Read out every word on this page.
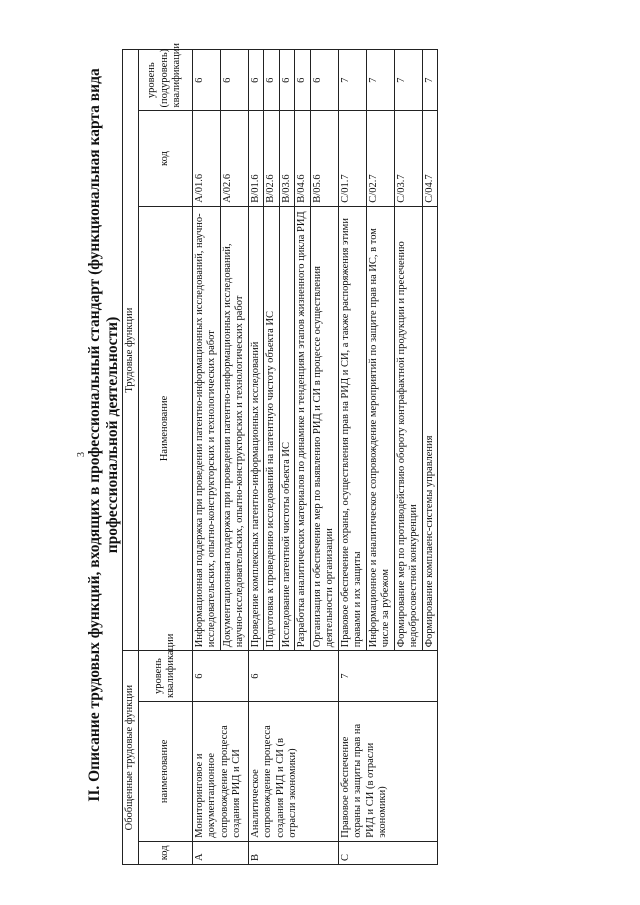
3 II. Описание трудовых функций, входящих в профессиональный стандарт (функциональная карта вида профессиональной деятельности)
Обобщенные трудовые функции			Трудовые функции		
код	наименование	уровень квалификации	Наименование	код	уровень (подуровень) квалификации
А	Мониторинговое и документационное сопровождение процесса создания РИД и СИ	6	Информационная поддержка при проведении патентно-информационных исследований, научно-исследовательских, опытно-конструкторских и технологических работ	A/01.6	6
			Документационная поддержка при проведении патентно-информационных исследований, научно-исследовательских, опытно-конструкторских и технологических работ	A/02.6	6
В	Аналитическое сопровождение процесса создания РИД и СИ (в отрасли экономики)	6	Проведение комплексных патентно-информационных исследований	B/01.6	6
			Подготовка к проведению исследований на патентную чистоту объекта ИС	B/02.6	6
			Исследование патентной чистоты объекта ИС	B/03.6	6
			Разработка аналитических материалов по динамике и тенденциям этапов жизненного цикла РИД	B/04.6	6
			Организация и обеспечение мер по выявлению РИД и СИ в процессе осуществления деятельности организации	B/05.6	6
С	Правовое обеспечение охраны и защиты прав на РИД и СИ (в отрасли экономики)	7	Правовое обеспечение охраны, осуществления прав на РИД и СИ, а также распоряжения этими правами и их защиты	C/01.7	7
			Информационное и аналитическое сопровождение мероприятий по защите прав на ИС, в том числе за рубежом	C/02.7	7
			Формирование мер по противодействию обороту контрафактной продукции и пресечению недобросовестной конкуренции	C/03.7	7
			Формирование комплаенс-системы управления	C/04.7	7
